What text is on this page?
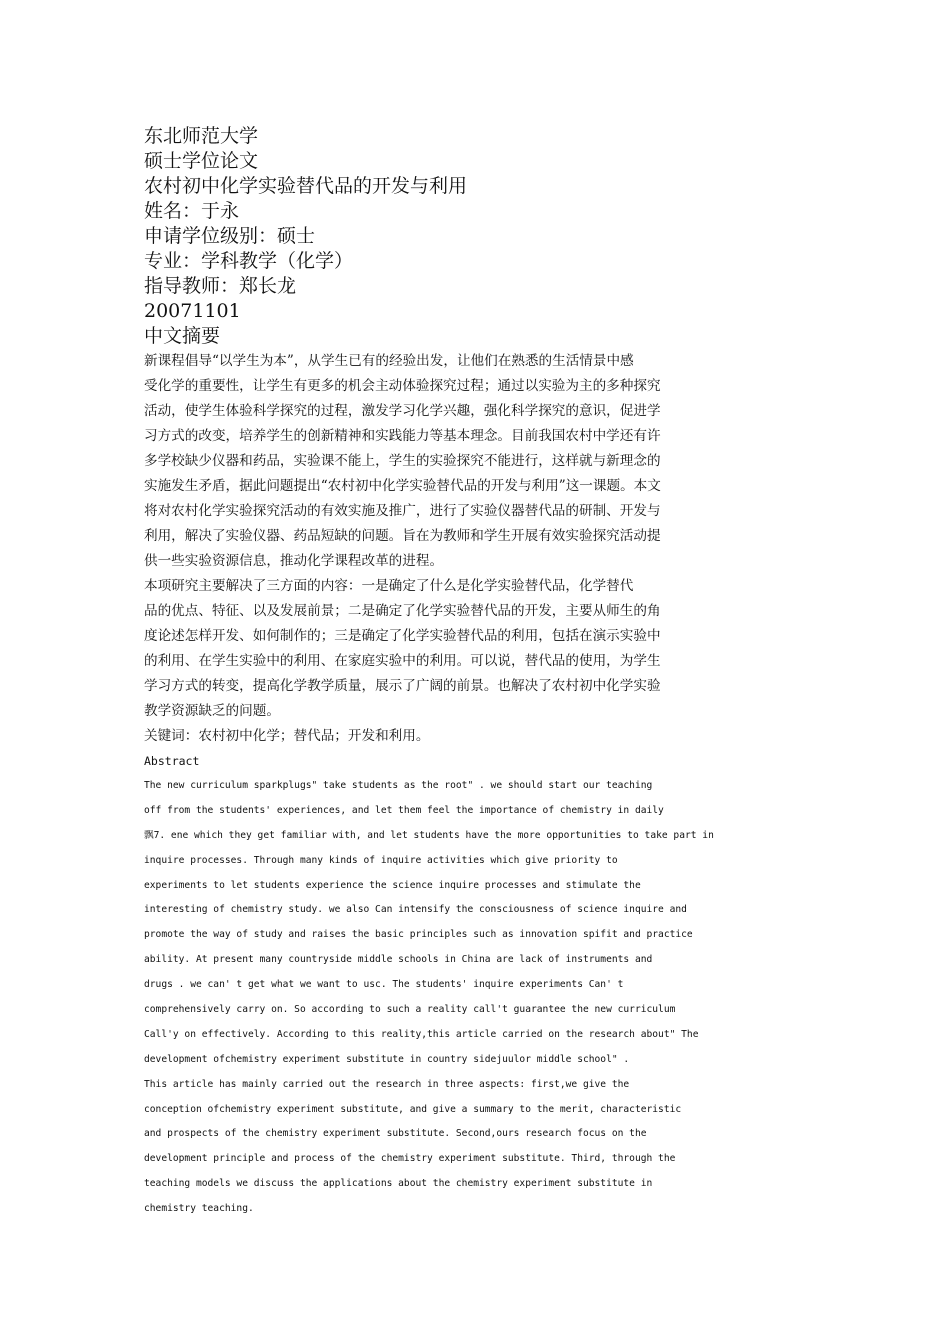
东北师范大学
硕士学位论文
农村初中化学实验替代品的开发与利用
姓名：于永
申请学位级别：硕士
专业：学科教学（化学）
指导教师：郑长龙
20071101
中文摘要

新课程倡导“以学生为本”，从学生已有的经验出发，让他们在熟悉的生活情景中感

受化学的重要性，让学生有更多的机会主动体验探究过程；通过以实验为主的多种探究

活动，使学生体验科学探究的过程，激发学习化学兴趣，强化科学探究的意识，促进学

习方式的改变，培养学生的创新精神和实践能力等基本理念。目前我国农村中学还有许

多学校缺少仪器和药品，实验课不能上，学生的实验探究不能进行，这样就与新理念的

实施发生矛盾，据此问题提出“农村初中化学实验替代品的开发与利用”这一课题。本文

将对农村化学实验探究活动的有效实施及推广，进行了实验仪器替代品的研制、开发与

利用，解决了实验仪器、药品短缺的问题。旨在为教师和学生开展有效实验探究活动提

供一些实验资源信息，推动化学课程改革的进程。

本项研究主要解决了三方面的内容：一是确定了什么是化学实验替代品，化学替代

品的优点、特征、以及发展前景；二是确定了化学实验替代品的开发，主要从师生的角

度论述怎样开发、如何制作的；三是确定了化学实验替代品的利用，包括在演示实验中

的利用、在学生实验中的利用、在家庭实验中的利用。可以说，替代品的使用，为学生

学习方式的转变，提高化学教学质量，展示了广阔的前景。也解决了农村初中化学实验

教学资源缺乏的问题。

关键词：农村初中化学；替代品；开发和利用。

Abstract

The new curriculum sparkplugs" take students as the root" . we should start our teaching

off from the students' experiences, and let them feel the importance of chemistry in daily

飘7. ene which they get familiar with, and let students have the more opportunities to take part in

inquire processes. Through many kinds of inquire activities which give priority to

experiments to let students experience the science inquire processes and stimulate the

interesting of chemistry study. we also Can intensify the consciousness of science inquire and

promote the way of study and raises the basic principles such as innovation spifit and practice

ability. At present many countryside middle schools in China are lack of instruments and

drugs . we can' t get what we want to usc. The students' inquire experiments Can' t

comprehensively carry on. So according to such a reality call't guarantee the new curriculum

Call'y on effectively. According to this reality,this article carried on the research about" The

development ofchemistry experiment substitute in country sidejuulor middle school" .

This article has mainly carried out the research in three aspects: first,we give the

conception ofchemistry experiment substitute, and give a summary to the merit, characteristic

and prospects of the chemistry experiment substitute. Second,ours research focus on the

development principle and process of the chemistry experiment substitute. Third, through the

teaching models we discuss the applications about the chemistry experiment substitute in

chemistry teaching.
